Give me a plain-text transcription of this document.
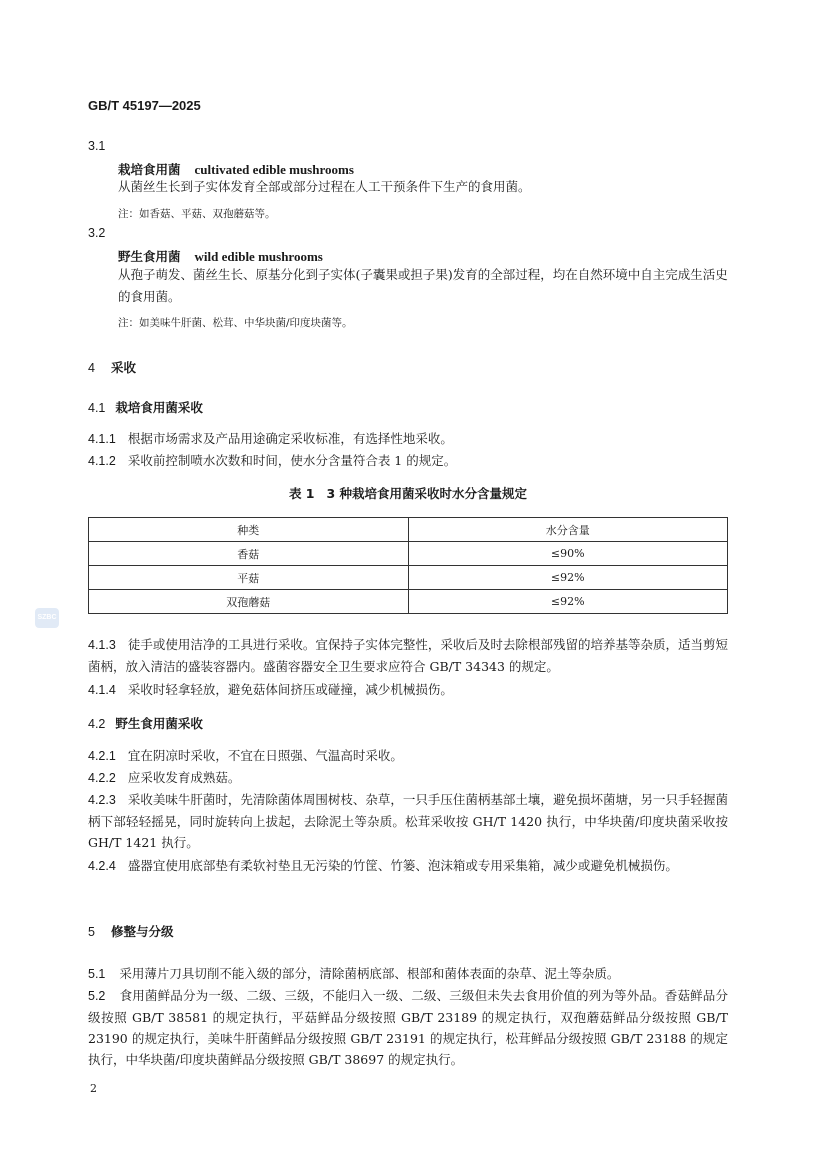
GB/T 45197—2025
3.1
栽培食用菌 cultivated edible mushrooms
从菌丝生长到子实体发育全部或部分过程在人工干预条件下生产的食用菌。
注：如香菇、平菇、双孢蘑菇等。
3.2
野生食用菌 wild edible mushrooms
从孢子萌发、菌丝生长、原基分化到子实体(子囊果或担子果)发育的全部过程，均在自然环境中自主完成生活史的食用菌。
注：如美味牛肝菌、松茸、中华块菌/印度块菌等。
4 采收
4.1 栽培食用菌采收
4.1.1 根据市场需求及产品用途确定采收标准，有选择性地采收。
4.1.2 采收前控制喷水次数和时间，使水分含量符合表 1 的规定。
表 1 3 种栽培食用菌采收时水分含量规定
种类	水分含量
香菇	≤90%
平菇	≤92%
双孢蘑菇	≤92%
SZBC
4.1.3 徒手或使用洁净的工具进行采收。宜保持子实体完整性，采收后及时去除根部残留的培养基等杂质，适当剪短菌柄，放入清洁的盛装容器内。盛菌容器安全卫生要求应符合 GB/T 34343 的规定。
4.1.4 采收时轻拿轻放，避免菇体间挤压或碰撞，减少机械损伤。
4.2 野生食用菌采收
4.2.1 宜在阴凉时采收，不宜在日照强、气温高时采收。
4.2.2 应采收发育成熟菇。
4.2.3 采收美味牛肝菌时，先清除菌体周围树枝、杂草，一只手压住菌柄基部土壤，避免损坏菌塘，另一只手轻握菌柄下部轻轻摇晃，同时旋转向上拔起，去除泥土等杂质。松茸采收按 GH/T 1420 执行，中华块菌/印度块菌采收按 GH/T 1421 执行。
4.2.4 盛器宜使用底部垫有柔软衬垫且无污染的竹筐、竹篓、泡沫箱或专用采集箱，减少或避免机械损伤。
5 修整与分级
5.1 采用薄片刀具切削不能入级的部分，清除菌柄底部、根部和菌体表面的杂草、泥土等杂质。
5.2 食用菌鲜品分为一级、二级、三级，不能归入一级、二级、三级但未失去食用价值的列为等外品。香菇鲜品分级按照 GB/T 38581 的规定执行，平菇鲜品分级按照 GB/T 23189 的规定执行，双孢蘑菇鲜品分级按照 GB/T 23190 的规定执行，美味牛肝菌鲜品分级按照 GB/T 23191 的规定执行，松茸鲜品分级按照 GB/T 23188 的规定执行，中华块菌/印度块菌鲜品分级按照 GB/T 38697 的规定执行。
2
